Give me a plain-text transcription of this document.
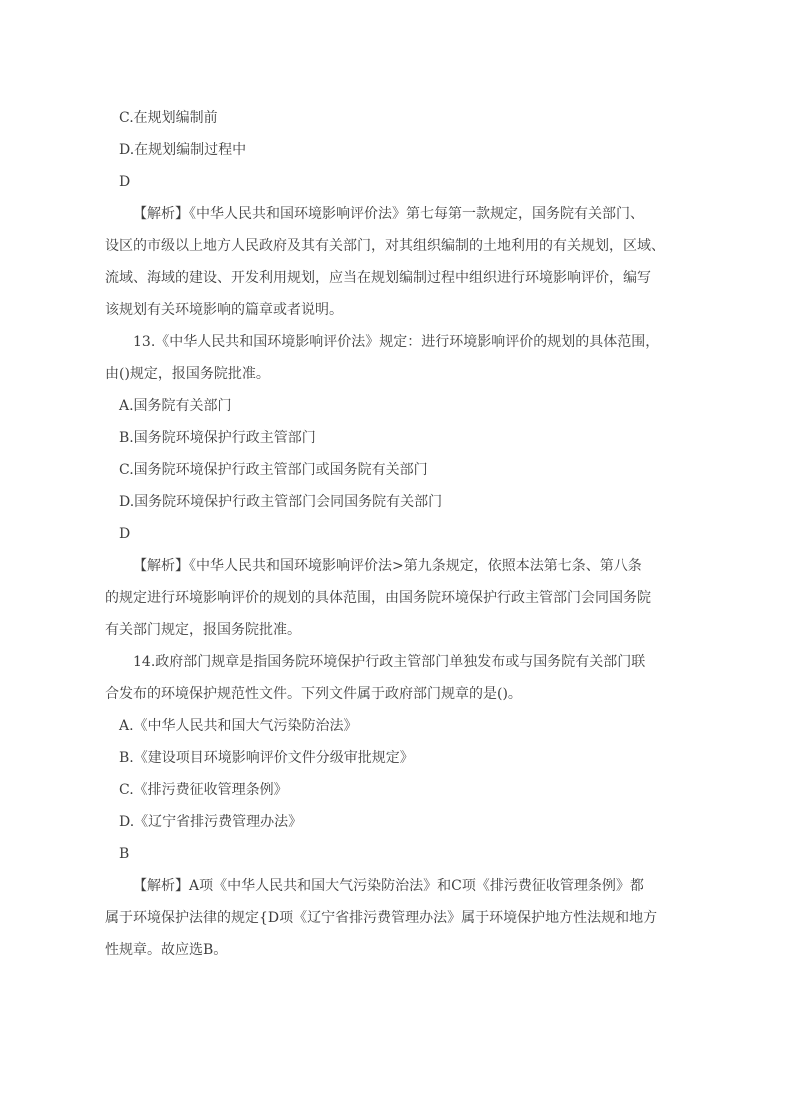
C.在规划编制前

D.在规划编制过程中

D

【解析】《中华人民共和国环境影响评价法》第七每第一款规定，国务院有关部门、

设区的市级以上地方人民政府及其有关部门，对其组织编制的土地利用的有关规划，区域、

流域、海域的建设、开发利用规划，应当在规划编制过程中组织进行环境影响评价，编写

该规划有关环境影响的篇章或者说明。

13.《中华人民共和国环境影响评价法》规定：进行环境影响评价的规划的具体范围，

由()规定，报国务院批准。

A.国务院有关部门

B.国务院环境保护行政主管部门

C.国务院环境保护行政主管部门或国务院有关部门

D.国务院环境保护行政主管部门会同国务院有关部门

D

【解析】《中华人民共和国环境影响评价法>第九条规定，依照本法第七条、第八条

的规定进行环境影响评价的规划的具体范围，由国务院环境保护行政主管部门会同国务院

有关部门规定，报国务院批准。

14.政府部门规章是指国务院环境保护行政主管部门单独发布或与国务院有关部门联

合发布的环境保护规范性文件。下列文件属于政府部门规章的是()。

A.《中华人民共和国大气污染防治法》

B.《建设项目环境影响评价文件分级审批规定》

C.《排污费征收管理条例》

D.《辽宁省排污费管理办法》

B

【解析】A项《中华人民共和国大气污染防治法》和C项《排污费征收管理条例》都

属于环境保护法律的规定{D项《辽宁省排污费管理办法》属于环境保护地方性法规和地方

性规章。故应选B。
